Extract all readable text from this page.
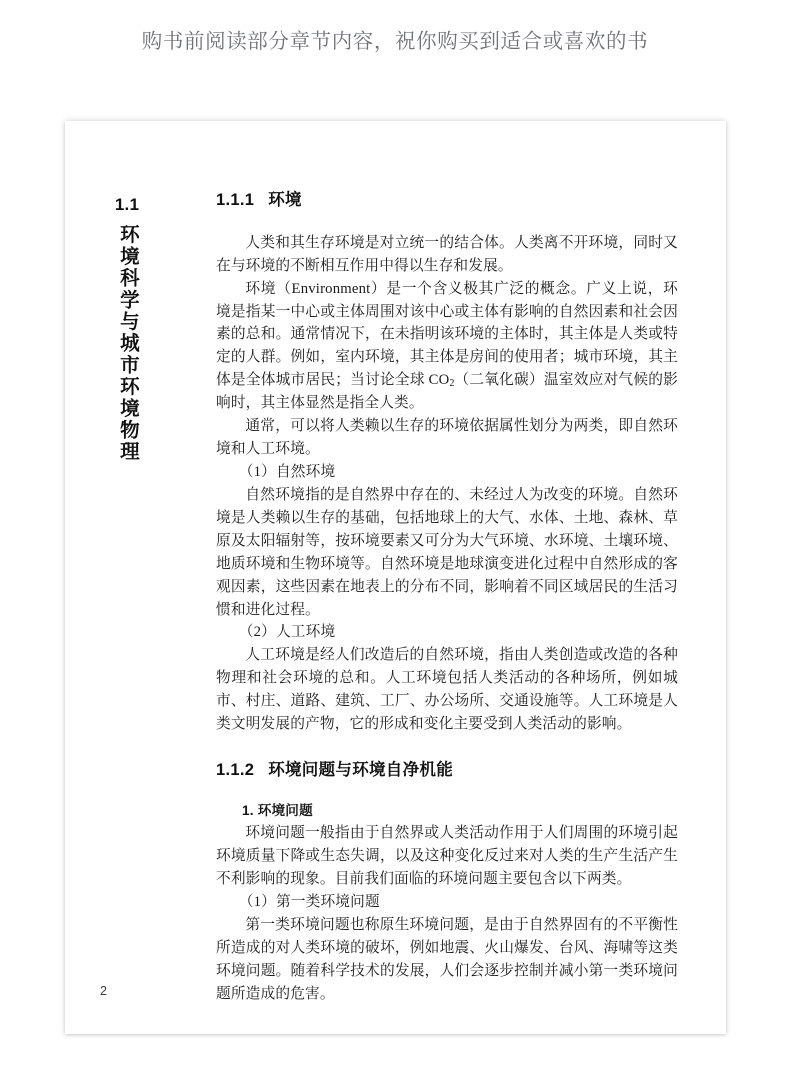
购书前阅读部分章节内容，祝你购买到适合或喜欢的书
1.1
环境科学与城市环境物理
1.1.1 环境

人类和其生存环境是对立统一的结合体。人类离不开环境，同时又在与环境的不断相互作用中得以生存和发展。

环境（Environment）是一个含义极其广泛的概念。广义上说，环境是指某一中心或主体周围对该中心或主体有影响的自然因素和社会因素的总和。通常情况下，在未指明该环境的主体时，其主体是人类或特定的人群。例如，室内环境，其主体是房间的使用者；城市环境，其主体是全体城市居民；当讨论全球 $CO_2$（二氧化碳）温室效应对气候的影响时，其主体显然是指全人类。

通常，可以将人类赖以生存的环境依据属性划分为两类，即自然环境和人工环境。

（1）自然环境

自然环境指的是自然界中存在的、未经过人为改变的环境。自然环境是人类赖以生存的基础，包括地球上的大气、水体、土地、森林、草原及太阳辐射等，按环境要素又可分为大气环境、水环境、土壤环境、地质环境和生物环境等。自然环境是地球演变进化过程中自然形成的客观因素，这些因素在地表上的分布不同，影响着不同区域居民的生活习惯和进化过程。

（2）人工环境

人工环境是经人们改造后的自然环境，指由人类创造或改造的各种物理和社会环境的总和。人工环境包括人类活动的各种场所，例如城市、村庄、道路、建筑、工厂、办公场所、交通设施等。人工环境是人类文明发展的产物，它的形成和变化主要受到人类活动的影响。

1.1.2 环境问题与环境自净机能
1. 环境问题

环境问题一般指由于自然界或人类活动作用于人们周围的环境引起环境质量下降或生态失调，以及这种变化反过来对人类的生产生活产生不利影响的现象。目前我们面临的环境问题主要包含以下两类。

（1）第一类环境问题

第一类环境问题也称原生环境问题，是由于自然界固有的不平衡性所造成的对人类环境的破坏，例如地震、火山爆发、台风、海啸等这类环境问题。随着科学技术的发展，人们会逐步控制并减小第一类环境问题所造成的危害。

2
